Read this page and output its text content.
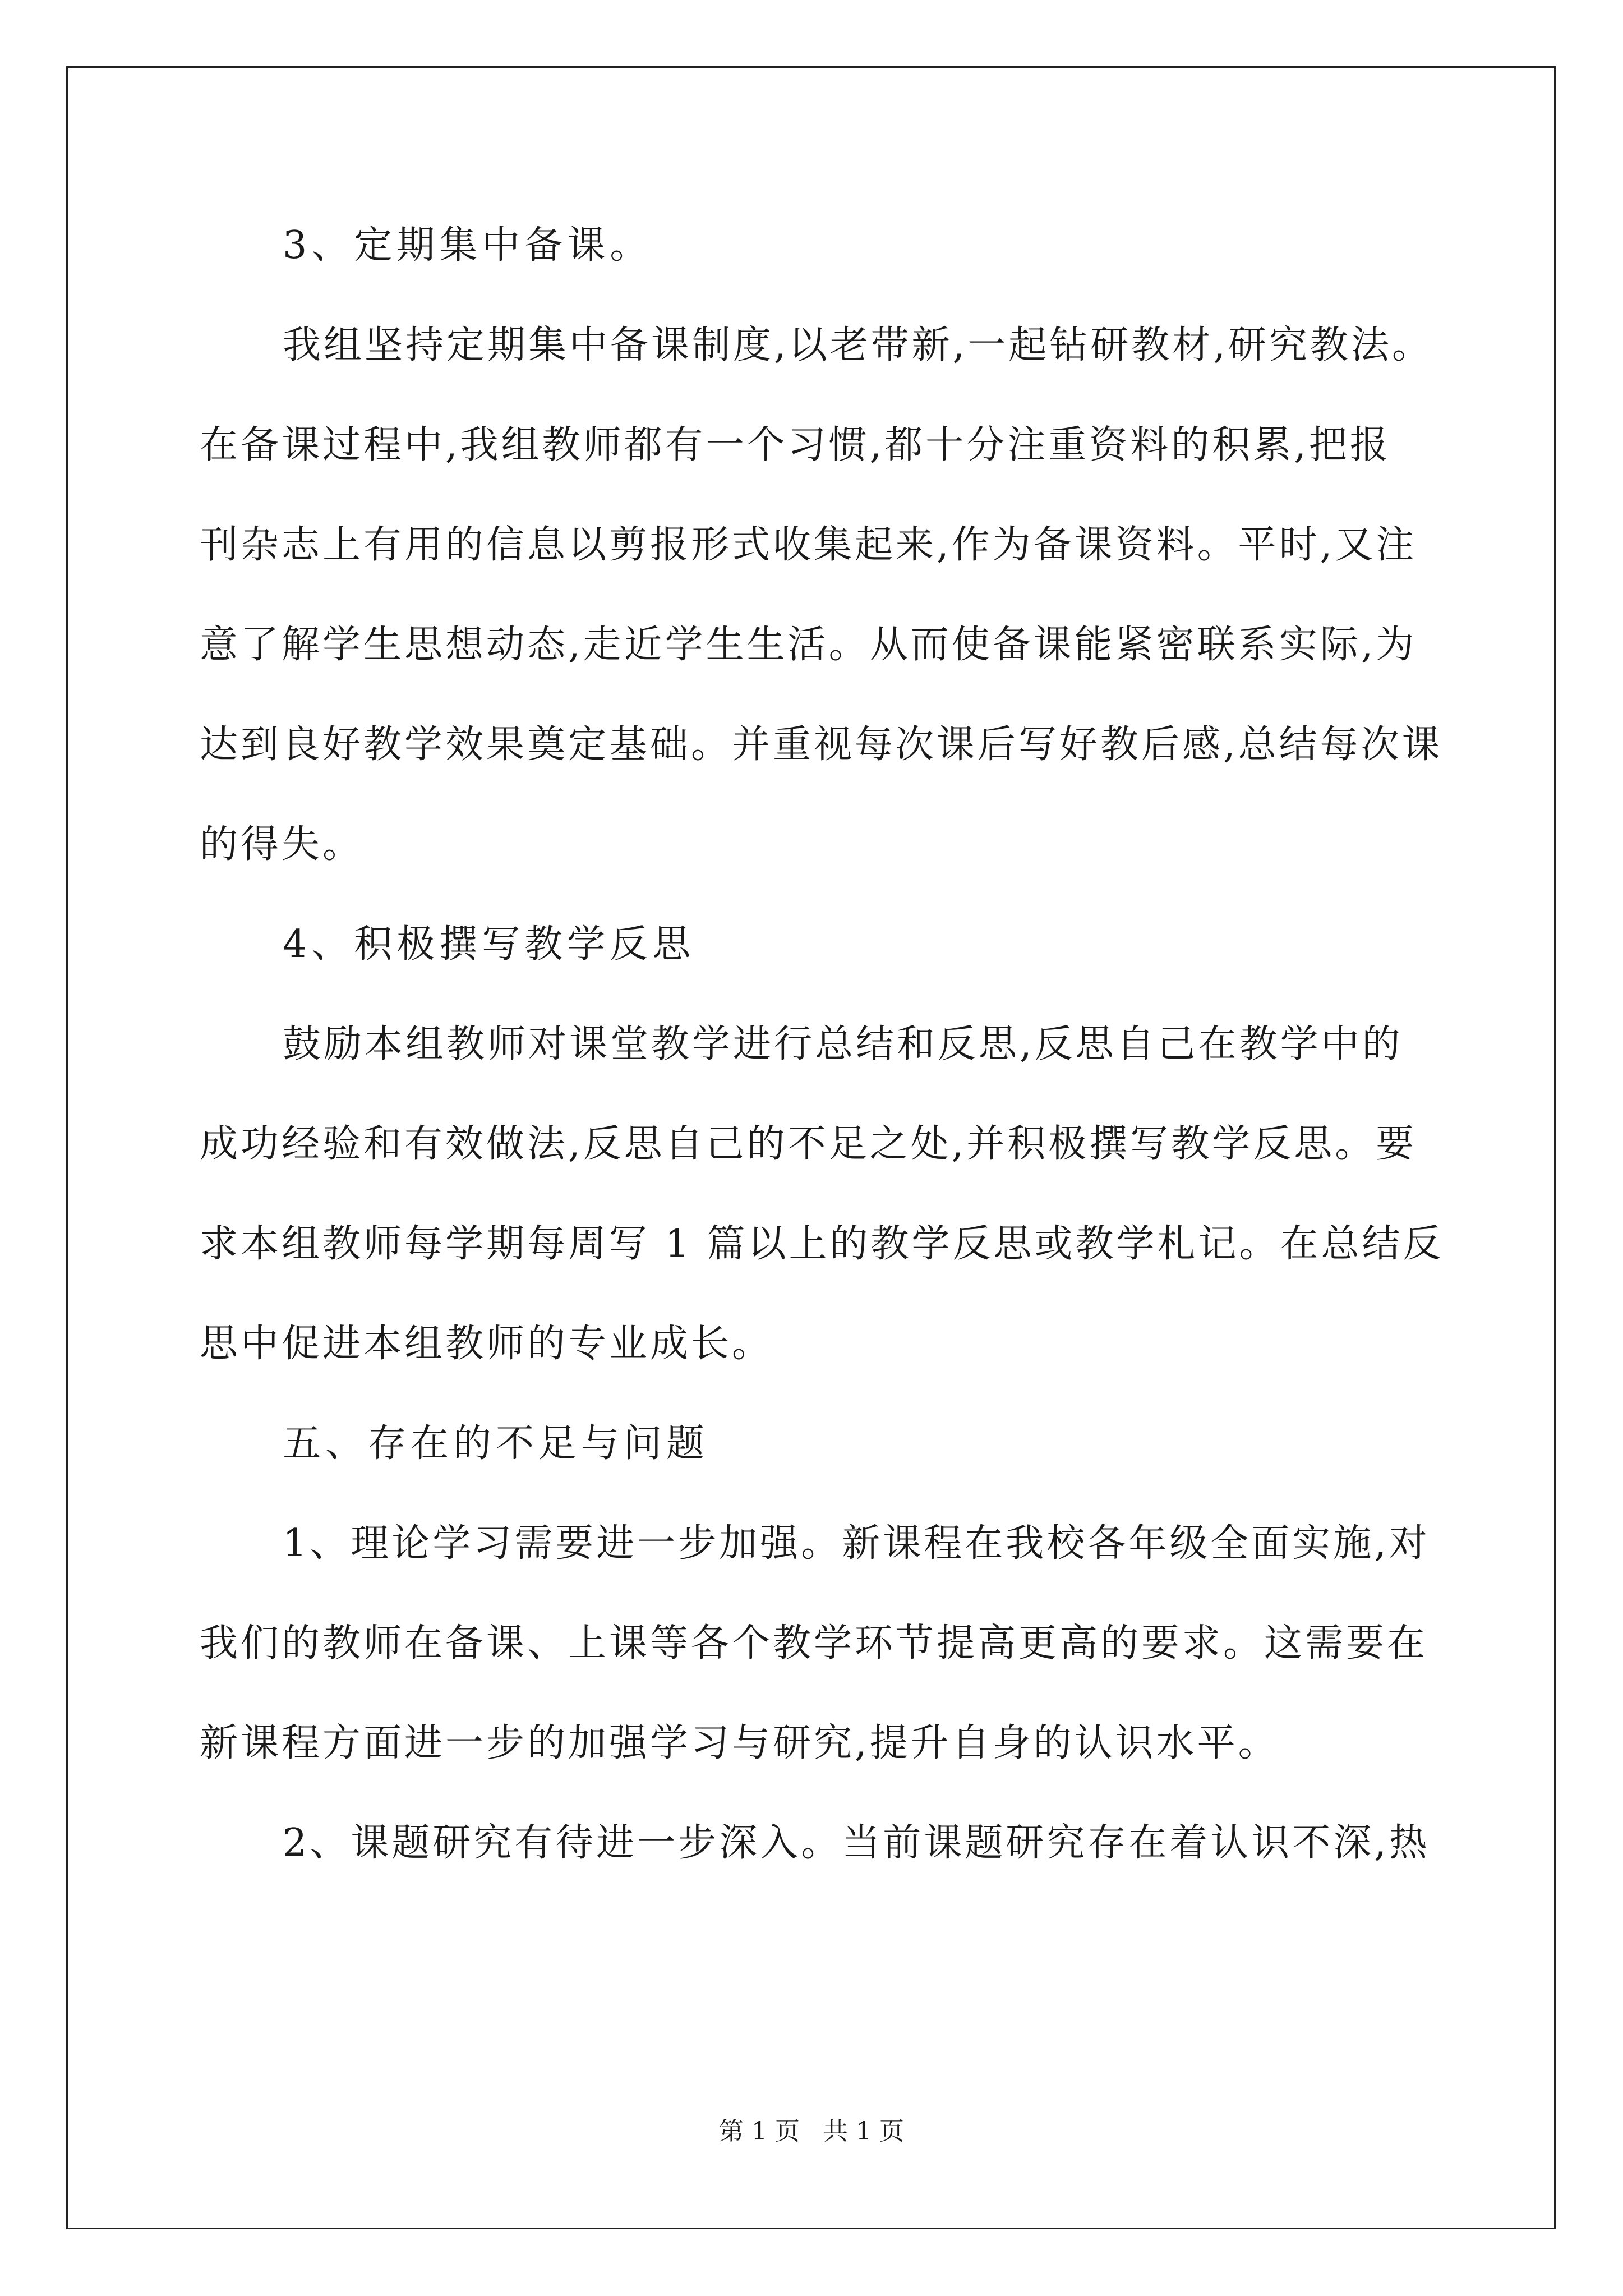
3、定期集中备课。
我组坚持定期集中备课制度,以老带新,一起钻研教材,研究教法。
在备课过程中,我组教师都有一个习惯,都十分注重资料的积累,把报
刊杂志上有用的信息以剪报形式收集起来,作为备课资料。平时,又注
意了解学生思想动态,走近学生生活。从而使备课能紧密联系实际,为
达到良好教学效果奠定基础。并重视每次课后写好教后感,总结每次课
的得失。
4、积极撰写教学反思
鼓励本组教师对课堂教学进行总结和反思,反思自己在教学中的
成功经验和有效做法,反思自己的不足之处,并积极撰写教学反思。要
求本组教师每学期每周写 1 篇以上的教学反思或教学札记。在总结反
思中促进本组教师的专业成长。
五、存在的不足与问题
1、理论学习需要进一步加强。新课程在我校各年级全面实施,对
我们的教师在备课、上课等各个教学环节提高更高的要求。这需要在
新课程方面进一步的加强学习与研究,提升自身的认识水平。
2、课题研究有待进一步深入。当前课题研究存在着认识不深,热
第 1 页   共 1 页
